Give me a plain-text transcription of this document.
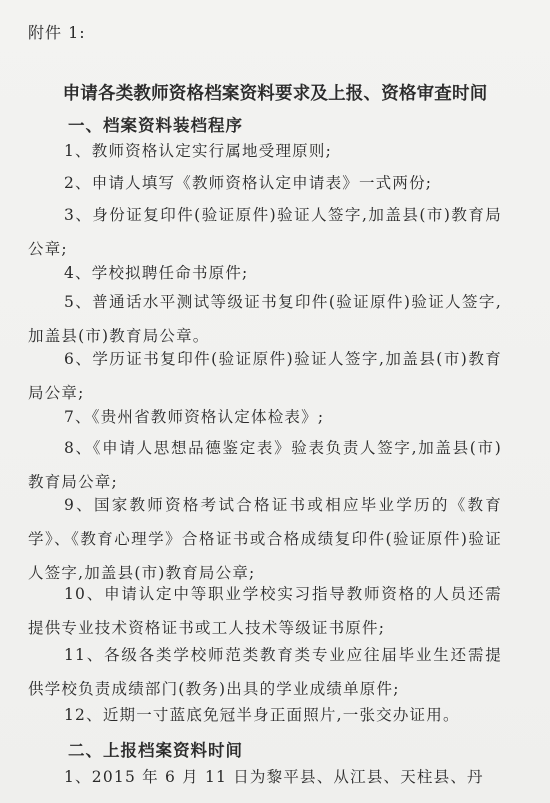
附件 1:
申请各类教师资格档案资料要求及上报、资格审查时间
一、档案资料装档程序
1、教师资格认定实行属地受理原则;
2、申请人填写《教师资格认定申请表》一式两份;
3、身份证复印件(验证原件)验证人签字,加盖县(市)教育局公章;
4、学校拟聘任命书原件;
5、普通话水平测试等级证书复印件(验证原件)验证人签字,加盖县(市)教育局公章。
6、学历证书复印件(验证原件)验证人签字,加盖县(市)教育局公章;
7、《贵州省教师资格认定体检表》;
8、《申请人思想品德鉴定表》验表负责人签字,加盖县(市)教育局公章;
9、国家教师资格考试合格证书或相应毕业学历的《教育学》、《教育心理学》合格证书或合格成绩复印件(验证原件)验证人签字,加盖县(市)教育局公章;
10、申请认定中等职业学校实习指导教师资格的人员还需提供专业技术资格证书或工人技术等级证书原件;
11、各级各类学校师范类教育类专业应往届毕业生还需提供学校负责成绩部门(教务)出具的学业成绩单原件;
12、近期一寸蓝底免冠半身正面照片,一张交办证用。
二、上报档案资料时间
1、2015 年 6 月 11 日为黎平县、从江县、天柱县、丹
